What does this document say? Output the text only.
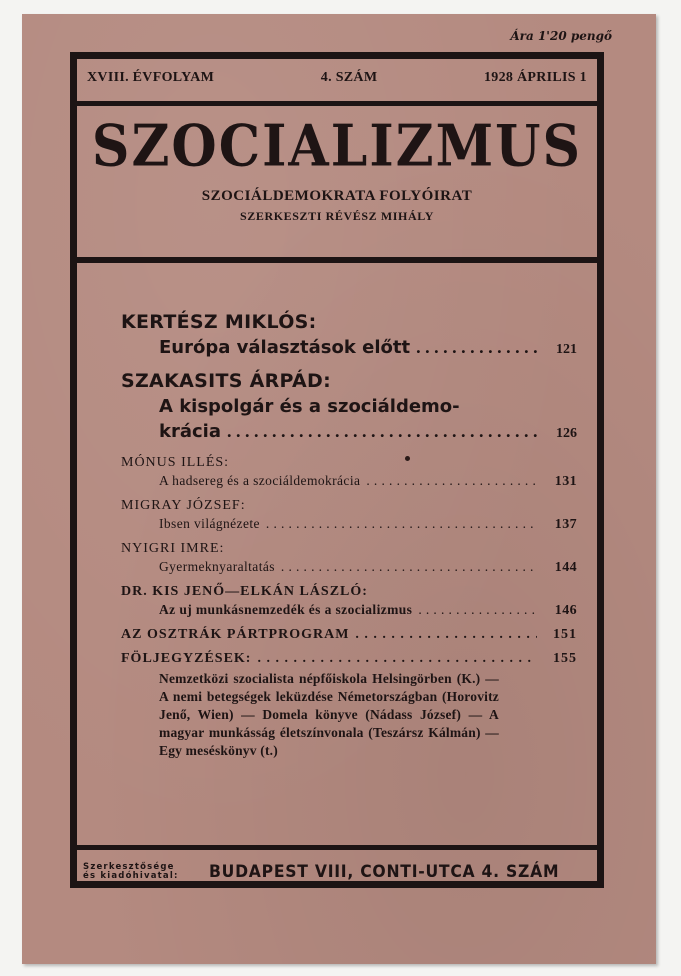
Ára 1'20 pengő

XVIII. ÉVFOLYAM	4. SZÁM	1928 ÁPRILIS 1
SZOCIALIZMUS

SZOCIÁLDEMOKRATA FOLYÓIRAT

SZERKESZTI RÉVÉSZ MIHÁLY

KERTÉSZ MIKLÓS:

Európa választások előtt . . .	121

SZAKASITS ÁRPÁD:

A kispolgár és a szociáldemo-

krácia . . .	126

MÓNUS ILLÉS:

A hadsereg és a szociáldemokrácia . . .	131

MIGRAY JÓZSEF:

Ibsen világnézete . . .	137

NYIGRI IMRE:

Gyermeknyaraltatás . . .	144

DR. KIS JENŐ—ELKÁN LÁSZLÓ:

Az uj munkásnemzedék és a szocializmus . . .	146
AZ OSZTRÁK PÁRTPROGRAM . . .	151
FÖLJEGYZÉSEK: . . .	155

Nemzetközi szocialista népfőiskola Helsingörben (K.) — A nemi betegségek leküzdése Németországban (Horovitz Jenő, Wien) — Domela könyve (Nádass József) — A magyar munkásság életszínvonala (Teszársz Kálmán) — Egy meséskönyv (t.)

Szerkesztősége
és kiadóhivatal:	BUDAPEST VIII, CONTI-UTCA 4. SZÁM
